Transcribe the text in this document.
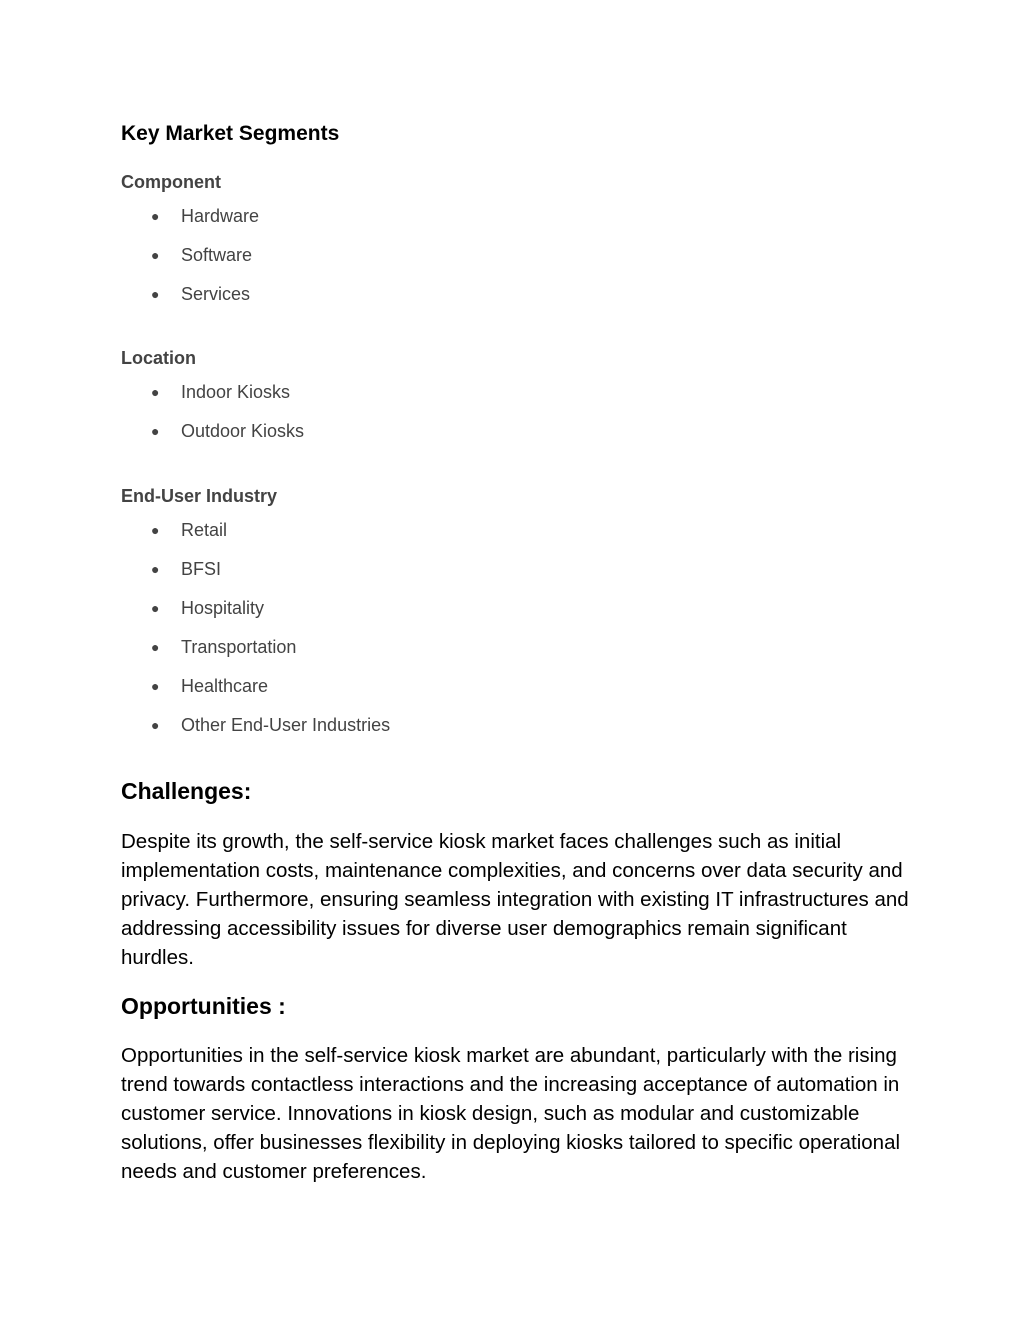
Key Market Segments
Component
● Hardware
● Software
● Services
Location
● Indoor Kiosks
● Outdoor Kiosks
End-User Industry
● Retail
● BFSI
● Hospitality
● Transportation
● Healthcare
● Other End-User Industries
Challenges:

Despite its growth, the self-service kiosk market faces challenges such as initial implementation costs, maintenance complexities, and concerns over data security and privacy. Furthermore, ensuring seamless integration with existing IT infrastructures and addressing accessibility issues for diverse user demographics remain significant hurdles.

Opportunities :

Opportunities in the self-service kiosk market are abundant, particularly with the rising trend towards contactless interactions and the increasing acceptance of automation in customer service. Innovations in kiosk design, such as modular and customizable solutions, offer businesses flexibility in deploying kiosks tailored to specific operational needs and customer preferences.
